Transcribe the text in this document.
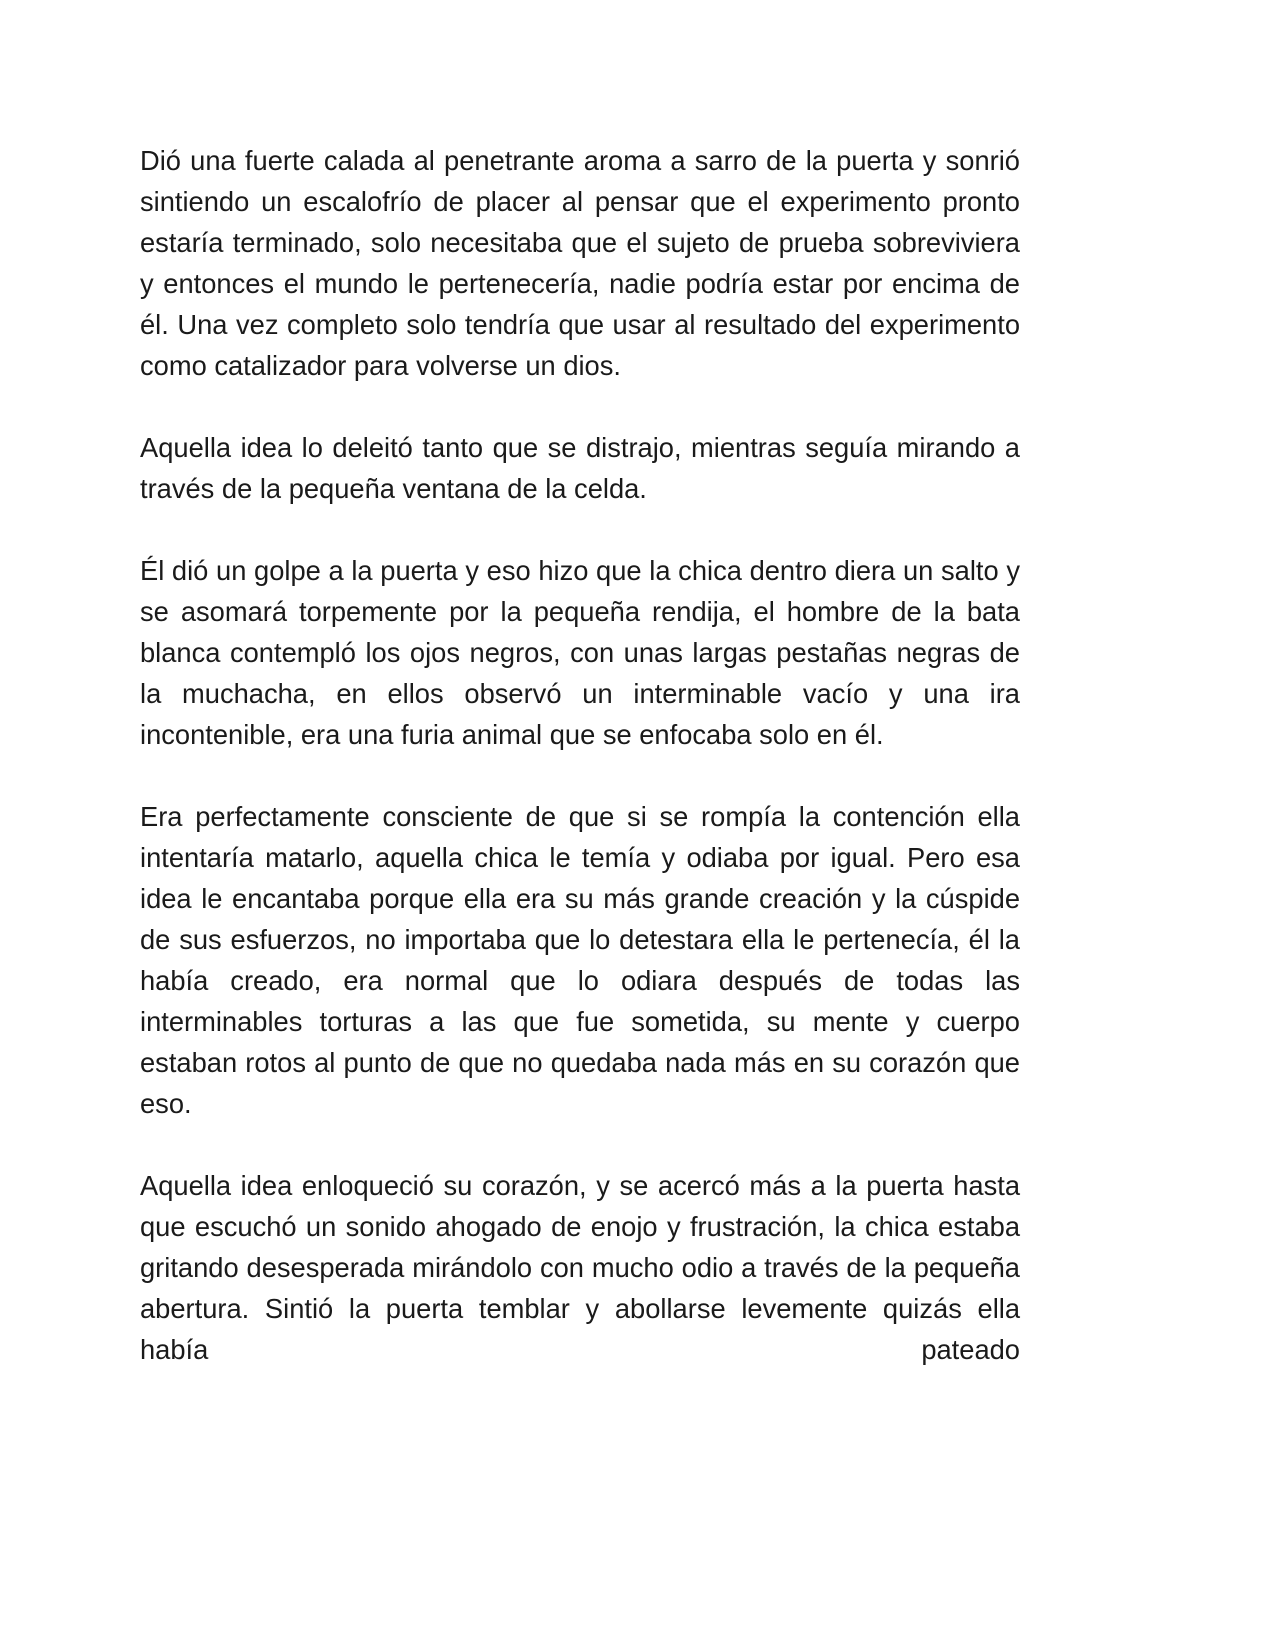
Dió una fuerte calada al penetrante aroma a sarro de la puerta y sonrió sintiendo un escalofrío de placer al pensar que el experimento pronto estaría terminado, solo necesitaba que el sujeto de prueba sobreviviera y entonces el mundo le pertenecería, nadie podría estar por encima de él. Una vez completo solo tendría que usar al resultado del experimento como catalizador para volverse un dios.

Aquella idea lo deleitó tanto que se distrajo, mientras seguía mirando a través de la pequeña ventana de la celda.

Él dió un golpe a la puerta y eso hizo que la chica dentro diera un salto y se asomará torpemente por la pequeña rendija, el hombre de la bata blanca contempló los ojos negros, con unas largas pestañas negras de la muchacha, en ellos observó un interminable vacío y una ira incontenible, era una furia animal que se enfocaba solo en él.

Era perfectamente consciente de que si se rompía la contención ella intentaría matarlo, aquella chica le temía y odiaba por igual. Pero esa idea le encantaba porque ella era su más grande creación y la cúspide de sus esfuerzos, no importaba que lo detestara ella le pertenecía, él la había creado, era normal que lo odiara después de todas las interminables torturas a las que fue sometida, su mente y cuerpo estaban rotos al punto de que no quedaba nada más en su corazón que eso.

Aquella idea enloqueció su corazón, y se acercó más a la puerta hasta que escuchó un sonido ahogado de enojo y frustración, la chica estaba gritando desesperada mirándolo con mucho odio a través de la pequeña abertura. Sintió la puerta temblar y abollarse levemente quizás ella había pateado
